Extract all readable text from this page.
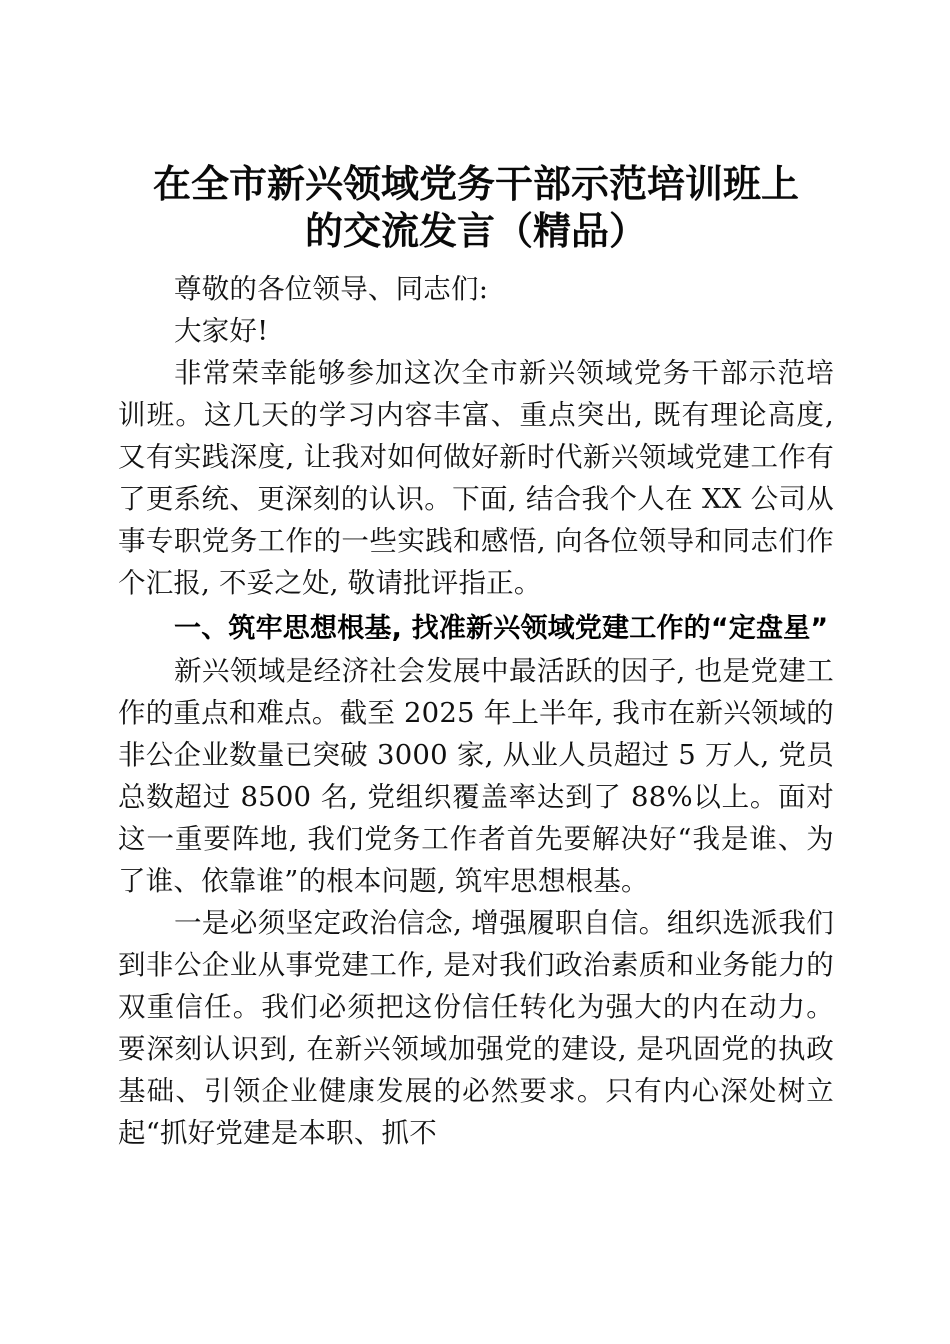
在全市新兴领域党务干部示范培训班上
的交流发言（精品）

尊敬的各位领导、同志们:

大家好!

非常荣幸能够参加这次全市新兴领域党务干部示范培训班。这几天的学习内容丰富、重点突出, 既有理论高度, 又有实践深度, 让我对如何做好新时代新兴领域党建工作有了更系统、更深刻的认识。下面, 结合我个人在 XX 公司从事专职党务工作的一些实践和感悟, 向各位领导和同志们作个汇报, 不妥之处, 敬请批评指正。

一、筑牢思想根基, 找准新兴领域党建工作的“定盘星”

新兴领域是经济社会发展中最活跃的因子, 也是党建工作的重点和难点。截至 2025 年上半年, 我市在新兴领域的非公企业数量已突破 3000 家, 从业人员超过 5 万人, 党员总数超过 8500 名, 党组织覆盖率达到了 88%以上。面对这一重要阵地, 我们党务工作者首先要解决好“我是谁、为了谁、依靠谁”的根本问题, 筑牢思想根基。

一是必须坚定政治信念, 增强履职自信。组织选派我们到非公企业从事党建工作, 是对我们政治素质和业务能力的双重信任。我们必须把这份信任转化为强大的内在动力。要深刻认识到, 在新兴领域加强党的建设, 是巩固党的执政基础、引领企业健康发展的必然要求。只有内心深处树立起“抓好党建是本职、抓不
